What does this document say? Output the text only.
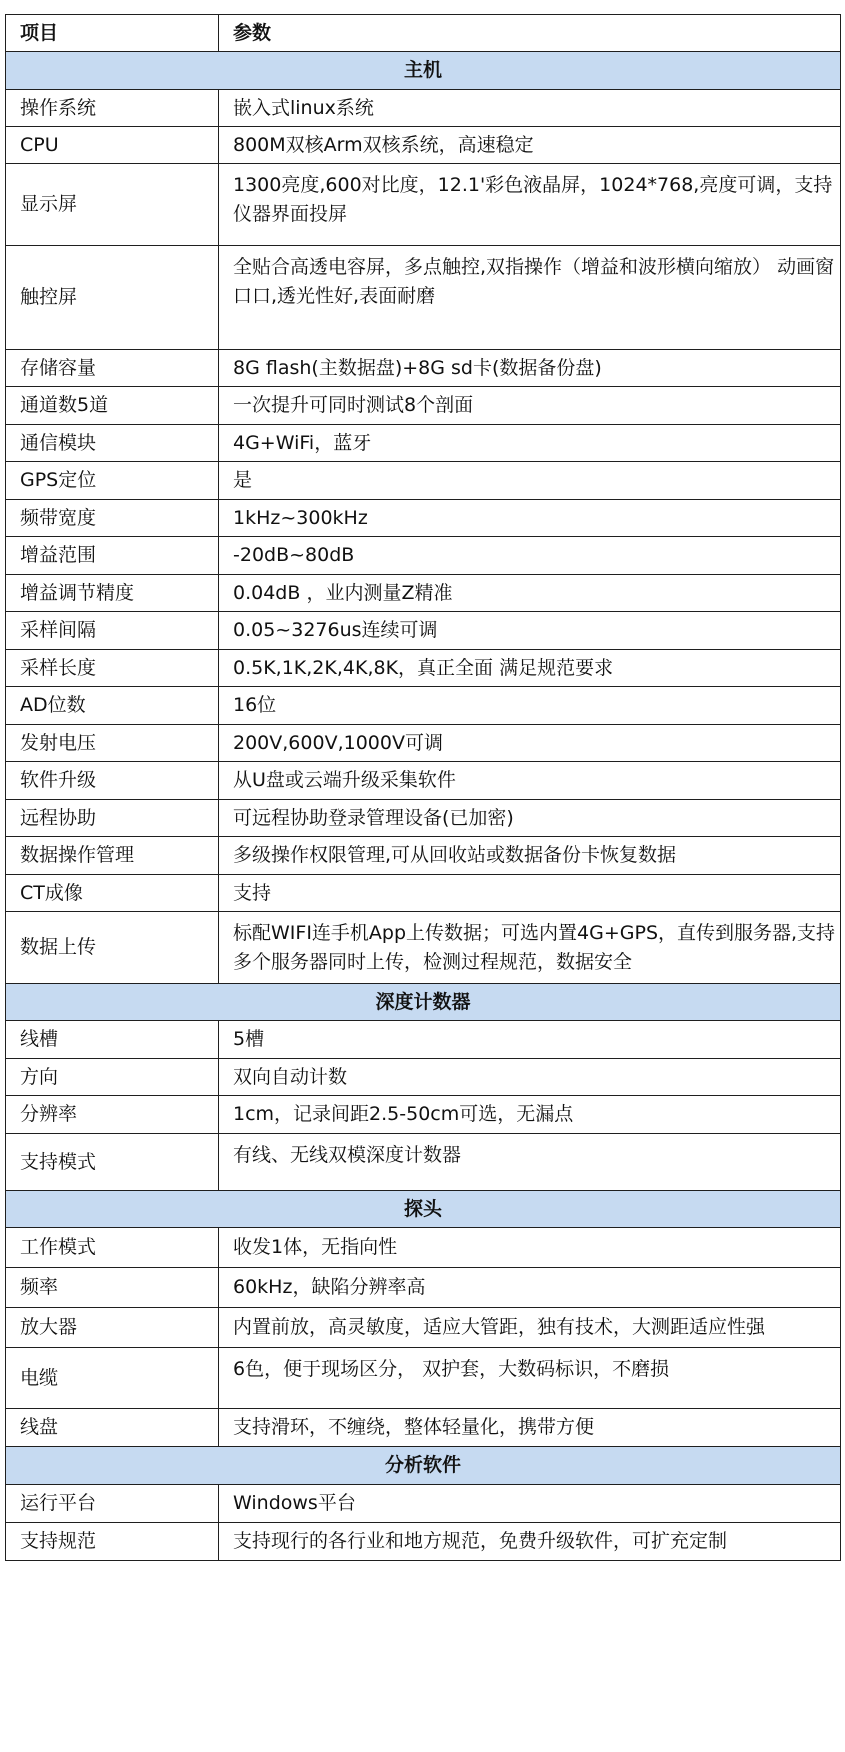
项目	参数
主机	
操作系统	嵌入式linux系统
CPU	800M双核Arm双核系统，高速稳定
显示屏	1300亮度,600对比度，12.1'彩色液晶屏，1024*768,亮度可调，支持仪器界面投屏
触控屏	全贴合高透电容屏，多点触控,双指操作（增益和波形横向缩放） 动画窗口口,透光性好,表面耐磨
存储容量	8G flash(主数据盘)+8G sd卡(数据备份盘)
通道数5道	一次提升可同时测试8个剖面
通信模块	4G+WiFi，蓝牙
GPS定位	是
频带宽度	1kHz~300kHz
增益范围	-20dB~80dB
增益调节精度	0.04dB ，业内测量Z精准
采样间隔	0.05~3276us连续可调
采样长度	0.5K,1K,2K,4K,8K，真正全面 满足规范要求
AD位数	16位
发射电压	200V,600V,1000V可调
软件升级	从U盘或云端升级采集软件
远程协助	可远程协助登录管理设备(已加密)
数据操作管理	多级操作权限管理,可从回收站或数据备份卡恢复数据
CT成像	支持
数据上传	标配WIFI连手机App上传数据；可选内置4G+GPS，直传到服务器,支持多个服务器同时上传，检测过程规范，数据安全
深度计数器	
线槽	5槽
方向	双向自动计数
分辨率	1cm，记录间距2.5-50cm可选，无漏点
支持模式	有线、无线双模深度计数器
探头	
工作模式	收发1体，无指向性
频率	60kHz，缺陷分辨率高
放大器	内置前放，高灵敏度，适应大管距，独有技术，大测距适应性强
电缆	6色，便于现场区分， 双护套，大数码标识，不磨损
线盘	支持滑环，不缠绕，整体轻量化，携带方便
分析软件	
运行平台	Windows平台
支持规范	支持现行的各行业和地方规范，免费升级软件，可扩充定制
